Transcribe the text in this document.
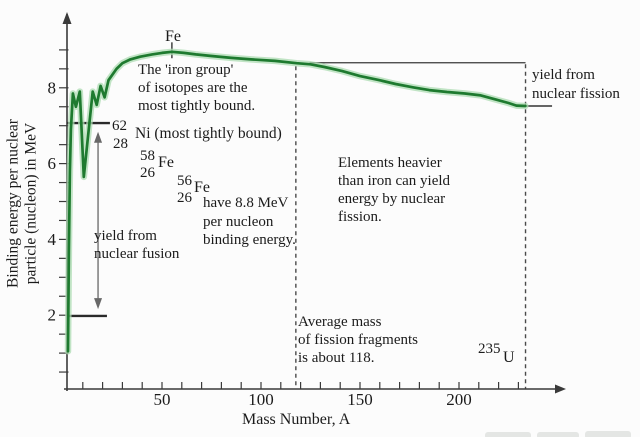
2
4
6
8
50	100	150	200
Binding energy per nuclear particle (nucleon) in MeV
Mass Number, A
Fe
The 'iron group'
of isotopes are the
most tightly bound.
62
28
Ni (most tightly bound)
58
26
Fe
56
26
Fe
have 8.8 MeV
per nucleon
binding energy.
yield from
nuclear fusion
yield from
nuclear fission
Elements heavier
than iron can yield
energy by nuclear
fission.
Average mass
of fission fragments
is about 118.
235 U
